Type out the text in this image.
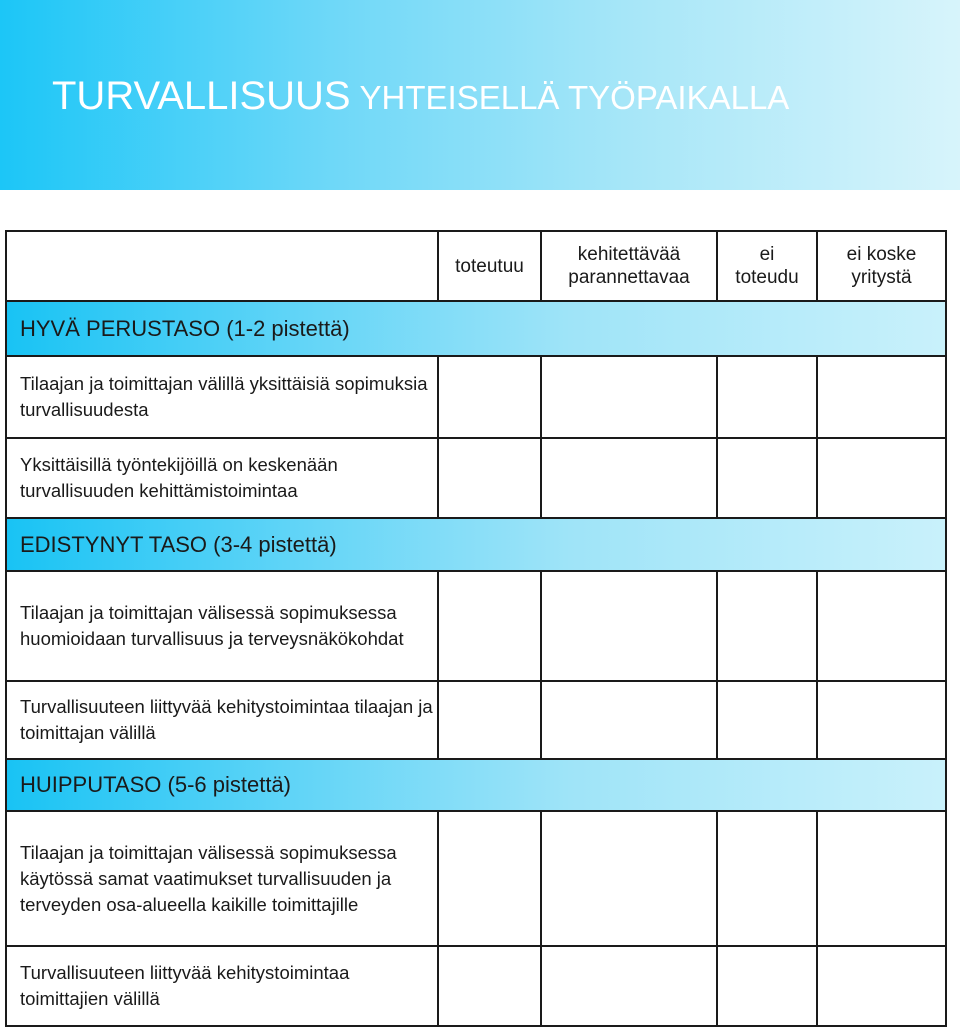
TURVALLISUUS YHTEISELLÄ TYÖPAIKALLA
	toteutuu	kehitettävää parannettavaa	ei toteudu	ei koske yritystä
HYVÄ PERUSTASO (1-2 pistettä)				
Tilaajan ja toimittajan välillä yksittäisiä sopimuksia turvallisuudesta				
Yksittäisillä työntekijöillä on keskenään turvallisuuden kehittämistoimintaa				
EDISTYNYT TASO (3-4 pistettä)				
Tilaajan ja toimittajan välisessä sopimuksessa huomioidaan turvallisuus ja terveysnäkökohdat				
Turvallisuuteen liittyvää kehitystoimintaa tilaajan ja toimittajan välillä				
HUIPPUTASO (5-6 pistettä)				
Tilaajan ja toimittajan välisessä sopimuksessa käytössä samat vaatimukset turvallisuuden ja terveyden osa-alueella kaikille toimittajille				
Turvallisuuteen liittyvää kehitystoimintaa toimittajien välillä				
